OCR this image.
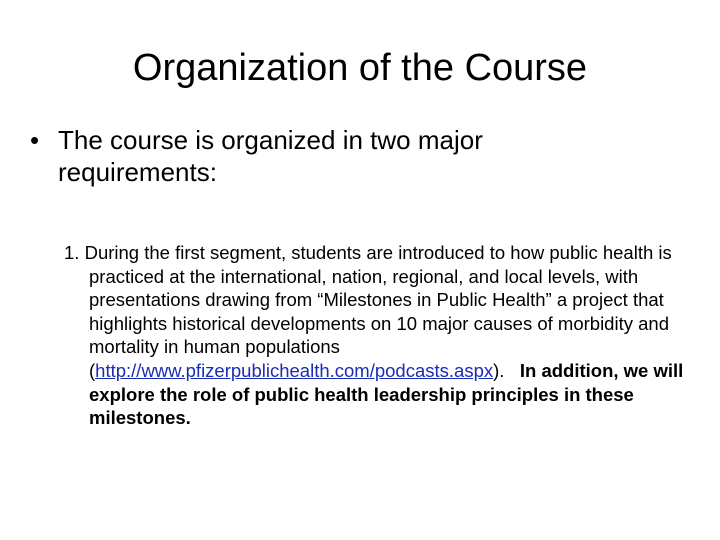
Organization of the Course
• The course is organized in two major requirements:
1. During the first segment, students are introduced to how public health is practiced at the international, nation, regional, and local levels, with presentations drawing from “Milestones in Public Health” a project that highlights historical developments on 10 major causes of morbidity and mortality in human populations (http://www.pfizerpublichealth.com/podcasts.aspx). In addition, we will explore the role of public health leadership principles in these milestones.
